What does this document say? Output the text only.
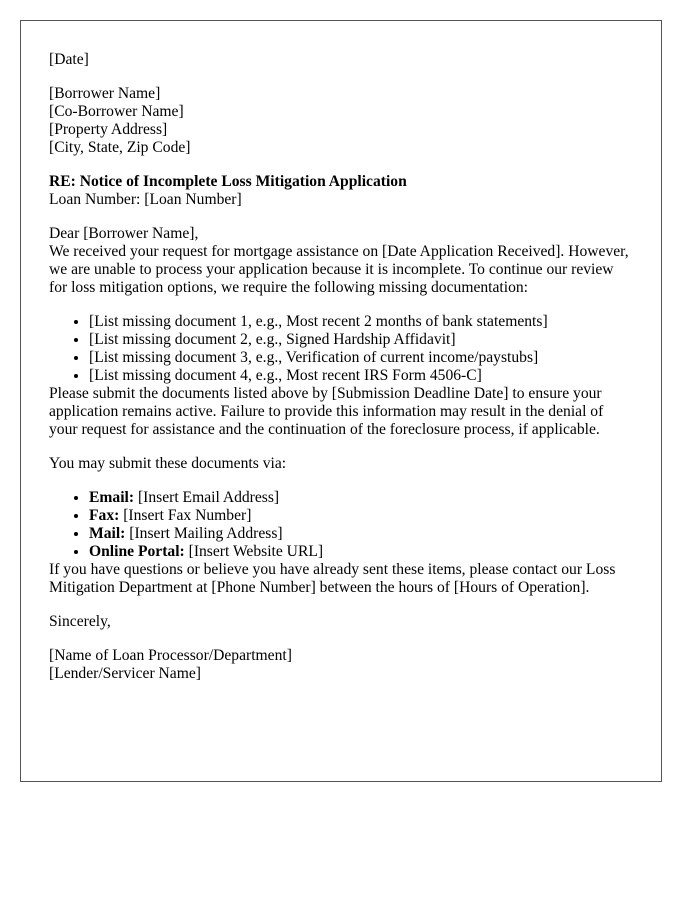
[Date]
[Borrower Name]
[Co-Borrower Name]
[Property Address]
[City, State, Zip Code]
RE: Notice of Incomplete Loss Mitigation Application
Loan Number: [Loan Number]
Dear [Borrower Name],

We received your request for mortgage assistance on [Date Application Received]. However, we are unable to process your application because it is incomplete. To continue our review for loss mitigation options, we require the following missing documentation:

• [List missing document 1, e.g., Most recent 2 months of bank statements]
• [List missing document 2, e.g., Signed Hardship Affidavit]
• [List missing document 3, e.g., Verification of current income/paystubs]
• [List missing document 4, e.g., Most recent IRS Form 4506-C]

Please submit the documents listed above by [Submission Deadline Date] to ensure your application remains active. Failure to provide this information may result in the denial of your request for assistance and the continuation of the foreclosure process, if applicable.

You may submit these documents via:
• Email: [Insert Email Address]
• Fax: [Insert Fax Number]
• Mail: [Insert Mailing Address]
• Online Portal: [Insert Website URL]

If you have questions or believe you have already sent these items, please contact our Loss Mitigation Department at [Phone Number] between the hours of [Hours of Operation].

Sincerely,
[Name of Loan Processor/Department]
[Lender/Servicer Name]
